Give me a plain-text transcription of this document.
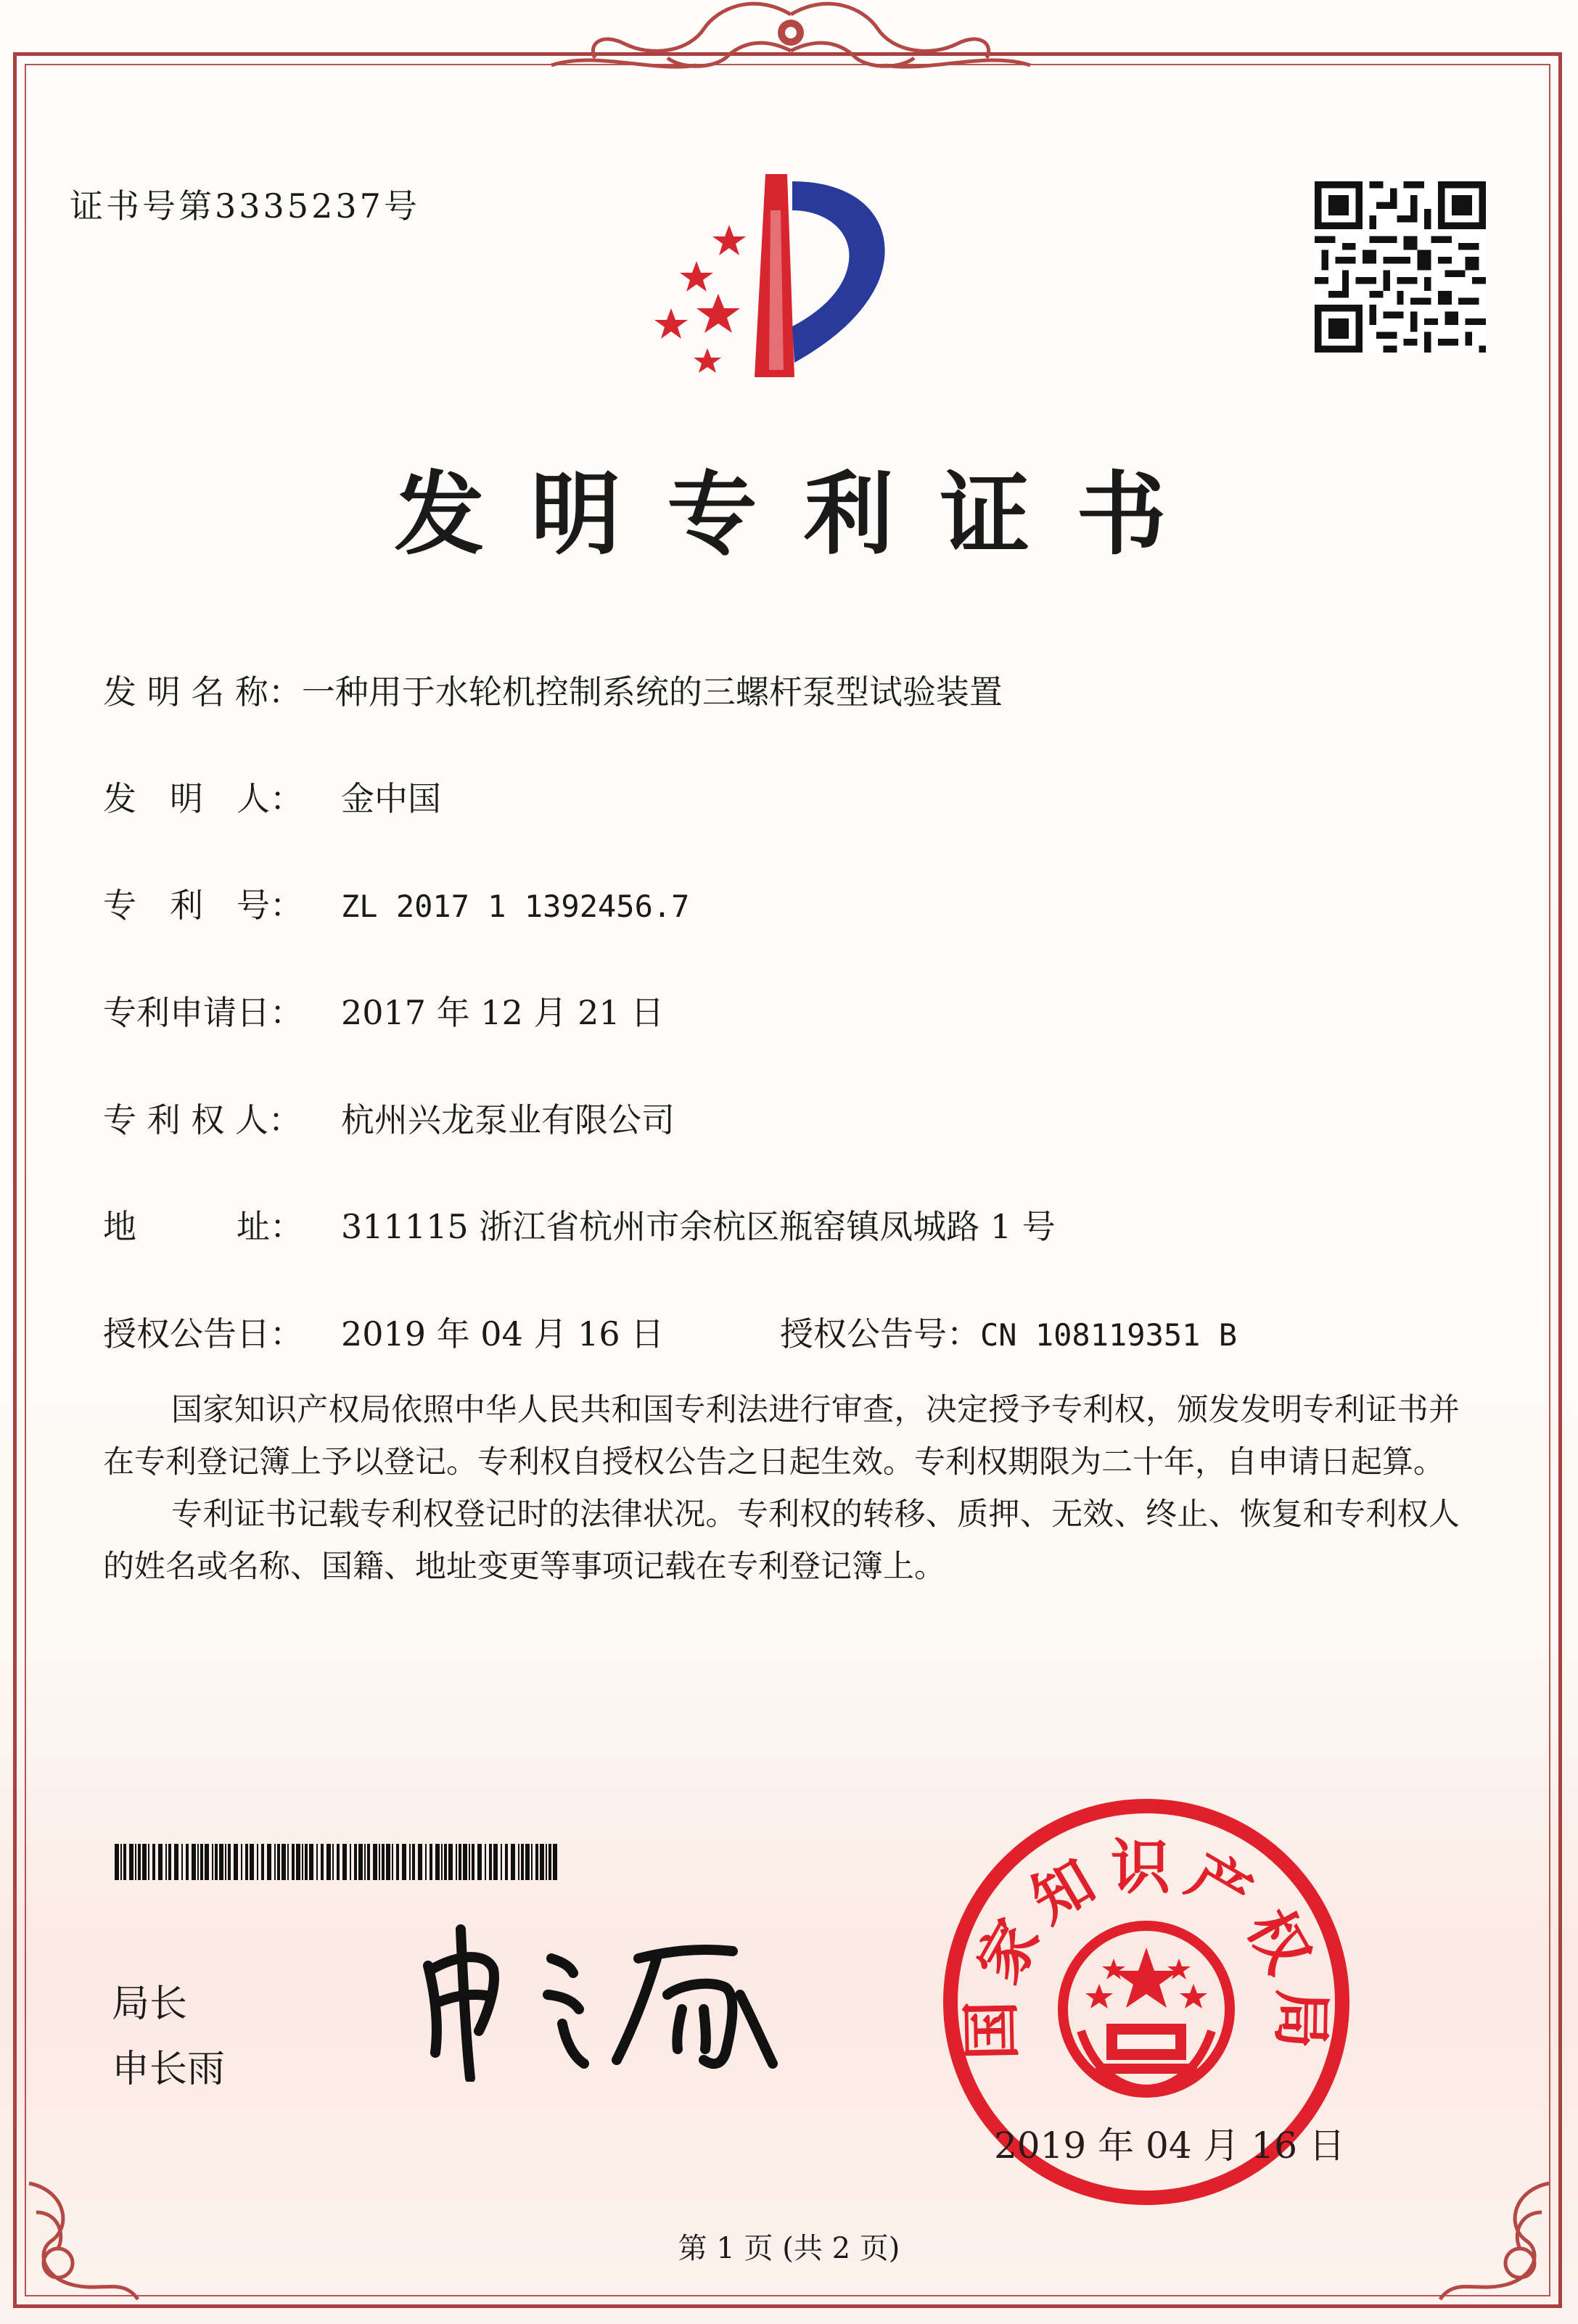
证书号第3335237号
发明专利证书
发 明 名 称：一种用于水轮机控制系统的三螺杆泵型试验装置
发　明　人： 金中国
专　利　号： ZL 2017 1 1392456.7
专利申请日： 2017 年 12 月 21 日
专 利 权 人： 杭州兴龙泵业有限公司
地　　　址： 311115 浙江省杭州市余杭区瓶窑镇凤城路 1 号
授权公告日： 2019 年 04 月 16 日	授权公告号：CN 108119351 B

国家知识产权局依照中华人民共和国专利法进行审查，决定授予专利权，颁发发明专利证书并在专利登记簿上予以登记。专利权自授权公告之日起生效。专利权期限为二十年，自申请日起算。

专利证书记载专利权登记时的法律状况。专利权的转移、质押、无效、终止、恢复和专利权人的姓名或名称、国籍、地址变更等事项记载在专利登记簿上。

局长
申长雨
国家知识产权局
2019 年 04 月 16 日
第 1 页 (共 2 页)
